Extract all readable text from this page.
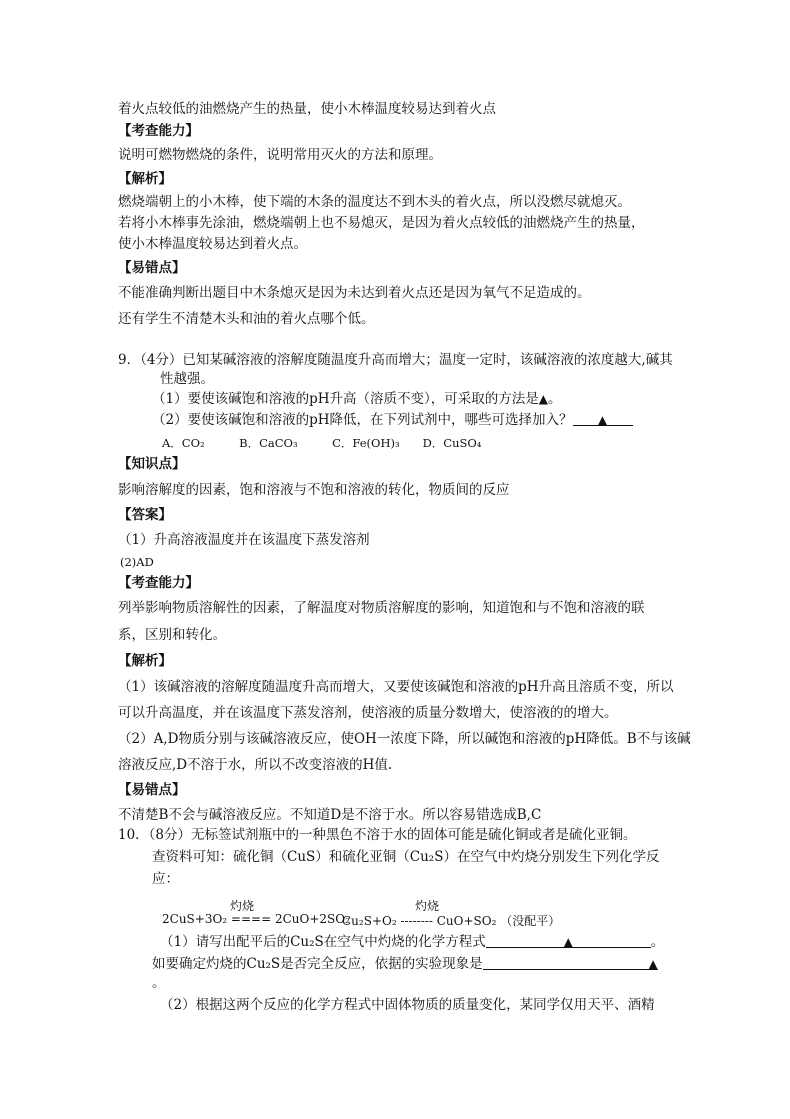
着火点较低的油燃烧产生的热量，使小木棒温度较易达到着火点
【考查能力】
说明可燃物燃烧的条件，说明常用灭火的方法和原理。
【解析】
燃烧端朝上的小木棒，使下端的木条的温度达不到木头的着火点，所以没燃尽就熄灭。
若将小木棒事先涂油，燃烧端朝上也不易熄灭，是因为着火点较低的油燃烧产生的热量，
使小木棒温度较易达到着火点。
【易错点】
不能准确判断出题目中木条熄灭是因为未达到着火点还是因为氧气不足造成的。
还有学生不清楚木头和油的着火点哪个低。
9．（4分）已知某碱溶液的溶解度随温度升高而增大；温度一定时，该碱溶液的浓度越大,碱其
性越强。
（1）要使该碱饱和溶液的pH升高（溶质不变），可采取的方法是▲。
（2）要使该碱饱和溶液的pH降低，在下列试剂中，哪些可选择加入？ ▲
A．CO₂　　　B．CaCO₃　　　C．Fe(OH)₃　　D．CuSO₄
【知识点】
影响溶解度的因素，饱和溶液与不饱和溶液的转化，物质间的反应
【答案】
（1）升高溶液温度并在该温度下蒸发溶剂
(2)AD
【考查能力】
列举影响物质溶解性的因素，了解温度对物质溶解度的影响，知道饱和与不饱和溶液的联
系，区别和转化。
【解析】
（1）该碱溶液的溶解度随温度升高而增大，又要使该碱饱和溶液的pH升高且溶质不变，所以
可以升高温度，并在该温度下蒸发溶剂，使溶液的质量分数增大，使溶液的的增大。
（2）A,D物质分别与该碱溶液反应，使OH一浓度下降，所以碱饱和溶液的pH降低。B不与该碱
溶液反应,D不溶于水，所以不改变溶液的H值.
【易错点】
不清楚B不会与碱溶液反应。不知道D是不溶于水。所以容易错选成B,C
10．（8分）无标签试剂瓶中的一种黑色不溶于水的固体可能是硫化铜或者是硫化亚铜。
查资料可知：硫化铜（CuS）和硫化亚铜（Cu₂S）在空气中灼烧分别发生下列化学反
应：
灼烧
2CuS+3O₂ ==== 2CuO+2SO₂
灼烧
Cu₂S+O₂ -------- CuO+SO₂ （没配平）
（1）请写出配平后的Cu₂S在空气中灼烧的化学方程式	▲	。
如要确定灼烧的Cu₂S是否完全反应，依据的实验现象是	▲
。
（2）根据这两个反应的化学方程式中固体物质的质量变化，某同学仅用天平、酒精
